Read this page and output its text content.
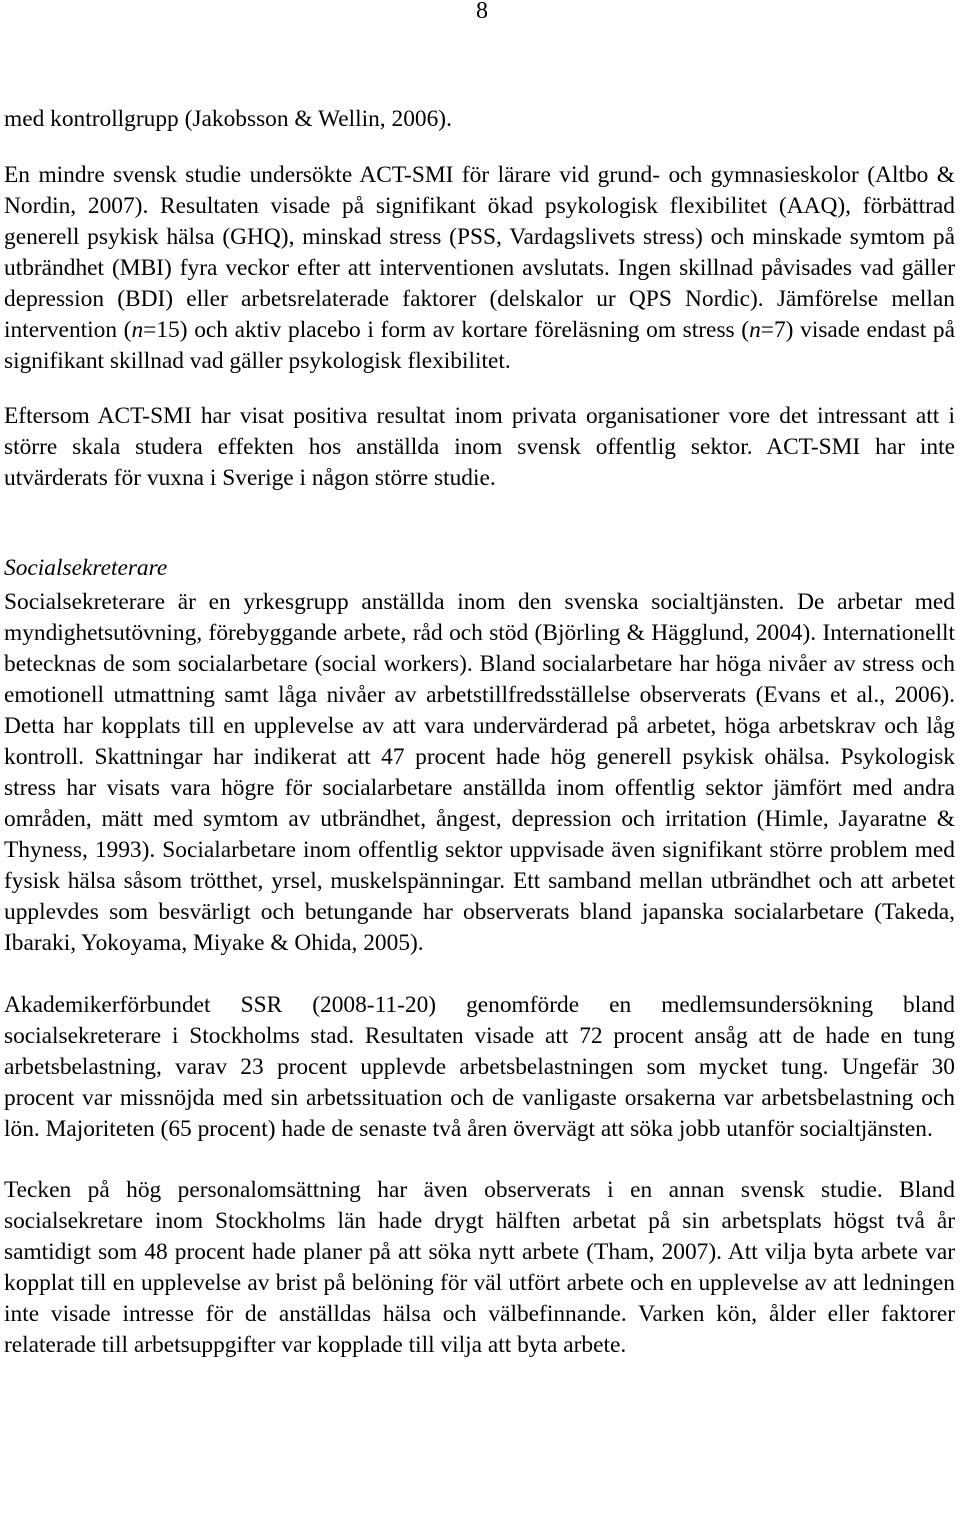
8

med kontrollgrupp (Jakobsson & Wellin, 2006).

En mindre svensk studie undersökte ACT-SMI för lärare vid grund- och gymnasieskolor (Altbo & Nordin, 2007). Resultaten visade på signifikant ökad psykologisk flexibilitet (AAQ), förbättrad generell psykisk hälsa (GHQ), minskad stress (PSS, Vardagslivets stress) och minskade symtom på utbrändhet (MBI) fyra veckor efter att interventionen avslutats. Ingen skillnad påvisades vad gäller depression (BDI) eller arbetsrelaterade faktorer (delskalor ur QPS Nordic). Jämförelse mellan intervention (n=15) och aktiv placebo i form av kortare föreläsning om stress (n=7) visade endast på signifikant skillnad vad gäller psykologisk flexibilitet.

Eftersom ACT-SMI har visat positiva resultat inom privata organisationer vore det intressant att i större skala studera effekten hos anställda inom svensk offentlig sektor. ACT-SMI har inte utvärderats för vuxna i Sverige i någon större studie.

Socialsekreterare

Socialsekreterare är en yrkesgrupp anställda inom den svenska socialtjänsten. De arbetar med myndighetsutövning, förebyggande arbete, råd och stöd (Björling & Hägglund, 2004). Internationellt betecknas de som socialarbetare (social workers). Bland socialarbetare har höga nivåer av stress och emotionell utmattning samt låga nivåer av arbetstillfredsställelse observerats (Evans et al., 2006). Detta har kopplats till en upplevelse av att vara undervärderad på arbetet, höga arbetskrav och låg kontroll. Skattningar har indikerat att 47 procent hade hög generell psykisk ohälsa. Psykologisk stress har visats vara högre för socialarbetare anställda inom offentlig sektor jämfört med andra områden, mätt med symtom av utbrändhet, ångest, depression och irritation (Himle, Jayaratne & Thyness, 1993). Socialarbetare inom offentlig sektor uppvisade även signifikant större problem med fysisk hälsa såsom trötthet, yrsel, muskelspänningar. Ett samband mellan utbrändhet och att arbetet upplevdes som besvärligt och betungande har observerats bland japanska socialarbetare (Takeda, Ibaraki, Yokoyama, Miyake & Ohida, 2005).

Akademikerförbundet SSR (2008-11-20) genomförde en medlemsundersökning bland socialsekreterare i Stockholms stad. Resultaten visade att 72 procent ansåg att de hade en tung arbetsbelastning, varav 23 procent upplevde arbetsbelastningen som mycket tung. Ungefär 30 procent var missnöjda med sin arbetssituation och de vanligaste orsakerna var arbetsbelastning och lön. Majoriteten (65 procent) hade de senaste två åren övervägt att söka jobb utanför socialtjänsten.

Tecken på hög personalomsättning har även observerats i en annan svensk studie. Bland socialsekretare inom Stockholms län hade drygt hälften arbetat på sin arbetsplats högst två år samtidigt som 48 procent hade planer på att söka nytt arbete (Tham, 2007). Att vilja byta arbete var kopplat till en upplevelse av brist på belöning för väl utfört arbete och en upplevelse av att ledningen inte visade intresse för de anställdas hälsa och välbefinnande. Varken kön, ålder eller faktorer relaterade till arbetsuppgifter var kopplade till vilja att byta arbete.
